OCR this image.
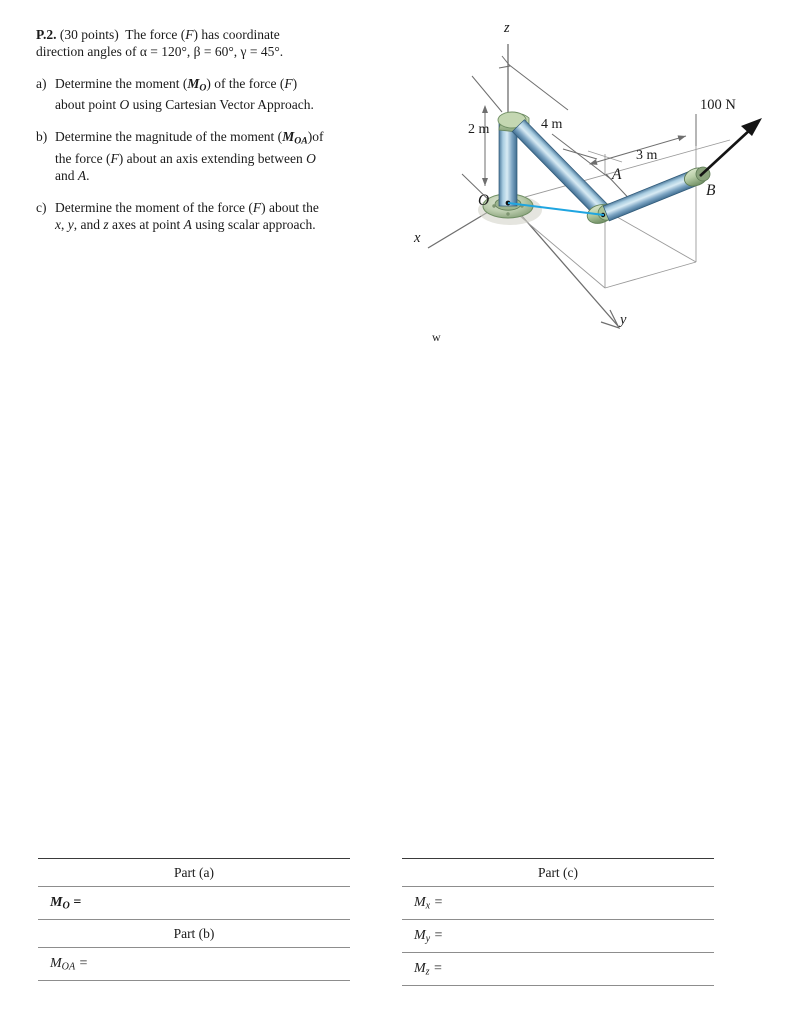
P.2. (30 points) The force (F) has coordinate
direction angles of α = 120°, β = 60°, γ = 45°.
a) Determine the moment $(M_O)$ of the force (F)
about point O using Cartesian Vector Approach.
b) Determine the magnitude of the moment $(M_{OA})of$
the force (F) about an axis extending between O
and A.
c) Determine the moment of the force (F) about the
x, y, and z axes at point A using scalar approach.
z
x
y
O
A
B
2 m	4 m
3 m
100 N
w
Part (a)
$M_O$ =
Part (b)
$M_{OA}$ =
Part (c)
$M_x$ =
$M_y$ =
$M_z$ =
